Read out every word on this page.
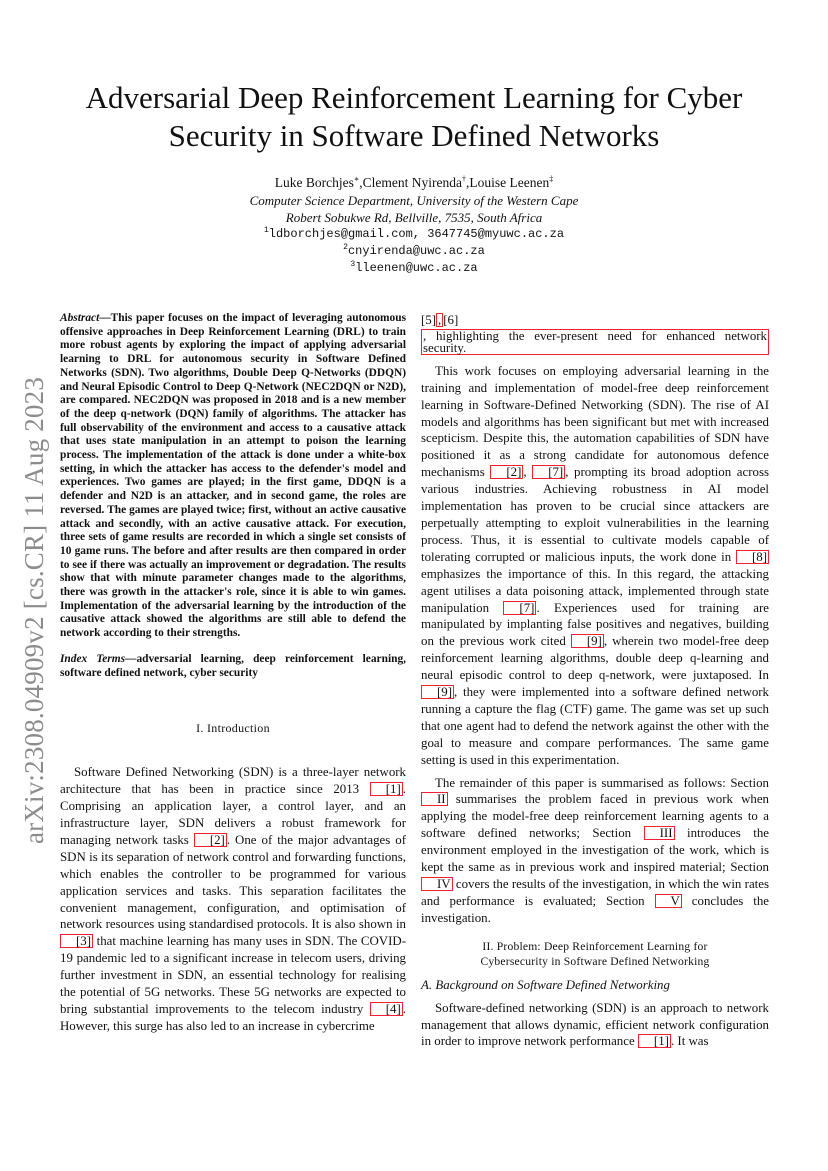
arXiv:2308.04909v2 [cs.CR] 11 Aug 2023
Adversarial Deep Reinforcement Learning for Cyber Security in Software Defined Networks
Luke Borchjes∗,Clement Nyirenda†,Louise Leenen‡
Computer Science Department, University of the Western Cape
Robert Sobukwe Rd, Bellville, 7535, South Africa
$^1$ldborchjes@gmail.com, 3647745@myuwc.ac.za
$^2$cnyirenda@uwc.ac.za
$^3$lleenen@uwc.ac.za

Abstract—This paper focuses on the impact of leveraging autonomous offensive approaches in Deep Reinforcement Learning (DRL) to train more robust agents by exploring the impact of applying adversarial learning to DRL for autonomous security in Software Defined Networks (SDN). Two algorithms, Double Deep Q-Networks (DDQN) and Neural Episodic Control to Deep Q-Network (NEC2DQN or N2D), are compared. NEC2DQN was proposed in 2018 and is a new member of the deep q-network (DQN) family of algorithms. The attacker has full observability of the environment and access to a causative attack that uses state manipulation in an attempt to poison the learning process. The implementation of the attack is done under a white-box setting, in which the attacker has access to the defender's model and experiences. Two games are played; in the first game, DDQN is a defender and N2D is an attacker, and in second game, the roles are reversed. The games are played twice; first, without an active causative attack and secondly, with an active causative attack. For execution, three sets of game results are recorded in which a single set consists of 10 game runs. The before and after results are then compared in order to see if there was actually an improvement or degradation. The results show that with minute parameter changes made to the algorithms, there was growth in the attacker's role, since it is able to win games. Implementation of the adversarial learning by the introduction of the causative attack showed the algorithms are still able to defend the network according to their strengths.

Index Terms—adversarial learning, deep reinforcement learning, software defined network, cyber security

I. Introduction

Software Defined Networking (SDN) is a three-layer network architecture that has been in practice since 2013 [1] . Comprising an application layer, a control layer, and an infrastructure layer, SDN delivers a robust framework for managing network tasks [2] . One of the major advantages of SDN is its separation of network control and forwarding functions, which enables the controller to be programmed for various application services and tasks. This separation facilitates the convenient management, configuration, and optimisation of network resources using standardised protocols. It is also shown in [3] that machine learning has many uses in SDN. The COVID-19 pandemic led to a significant increase in telecom users, driving further investment in SDN, an essential technology for realising the potential of 5G networks. These 5G networks are expected to bring substantial improvements to the telecom industry [4] . However, this surge has also led to an increase in cybercrime

[5] ,[6], highlighting the ever-present need for enhanced network security.

This work focuses on employing adversarial learning in the training and implementation of model-free deep reinforcement learning in Software-Defined Networking (SDN). The rise of AI models and algorithms has been significant but met with increased scepticism. Despite this, the automation capabilities of SDN have positioned it as a strong candidate for autonomous defence mechanisms [2] , [7] , prompting its broad adoption across various industries. Achieving robustness in AI model implementation has proven to be crucial since attackers are perpetually attempting to exploit vulnerabilities in the learning process. Thus, it is essential to cultivate models capable of tolerating corrupted or malicious inputs, the work done in [8] emphasizes the importance of this. In this regard, the attacking agent utilises a data poisoning attack, implemented through state manipulation [7] . Experiences used for training are manipulated by implanting false positives and negatives, building on the previous work cited [9] , wherein two model-free deep reinforcement learning algorithms, double deep q-learning and neural episodic control to deep q-network, were juxtaposed. In [9] , they were implemented into a software defined network running a capture the flag (CTF) game. The game was set up such that one agent had to defend the network against the other with the goal to measure and compare performances. The same game setting is used in this experimentation.

The remainder of this paper is summarised as follows: Section II summarises the problem faced in previous work when applying the model-free deep reinforcement learning agents to a software defined networks; Section III introduces the environment employed in the investigation of the work, which is kept the same as in previous work and inspired material; Section IV covers the results of the investigation, in which the win rates and performance is evaluated; Section V concludes the investigation.

II. Problem: Deep Reinforcement Learning for
Cybersecurity in Software Defined Networking
A. Background on Software Defined Networking

Software-defined networking (SDN) is an approach to network management that allows dynamic, efficient network configuration in order to improve network performance [1] . It was
